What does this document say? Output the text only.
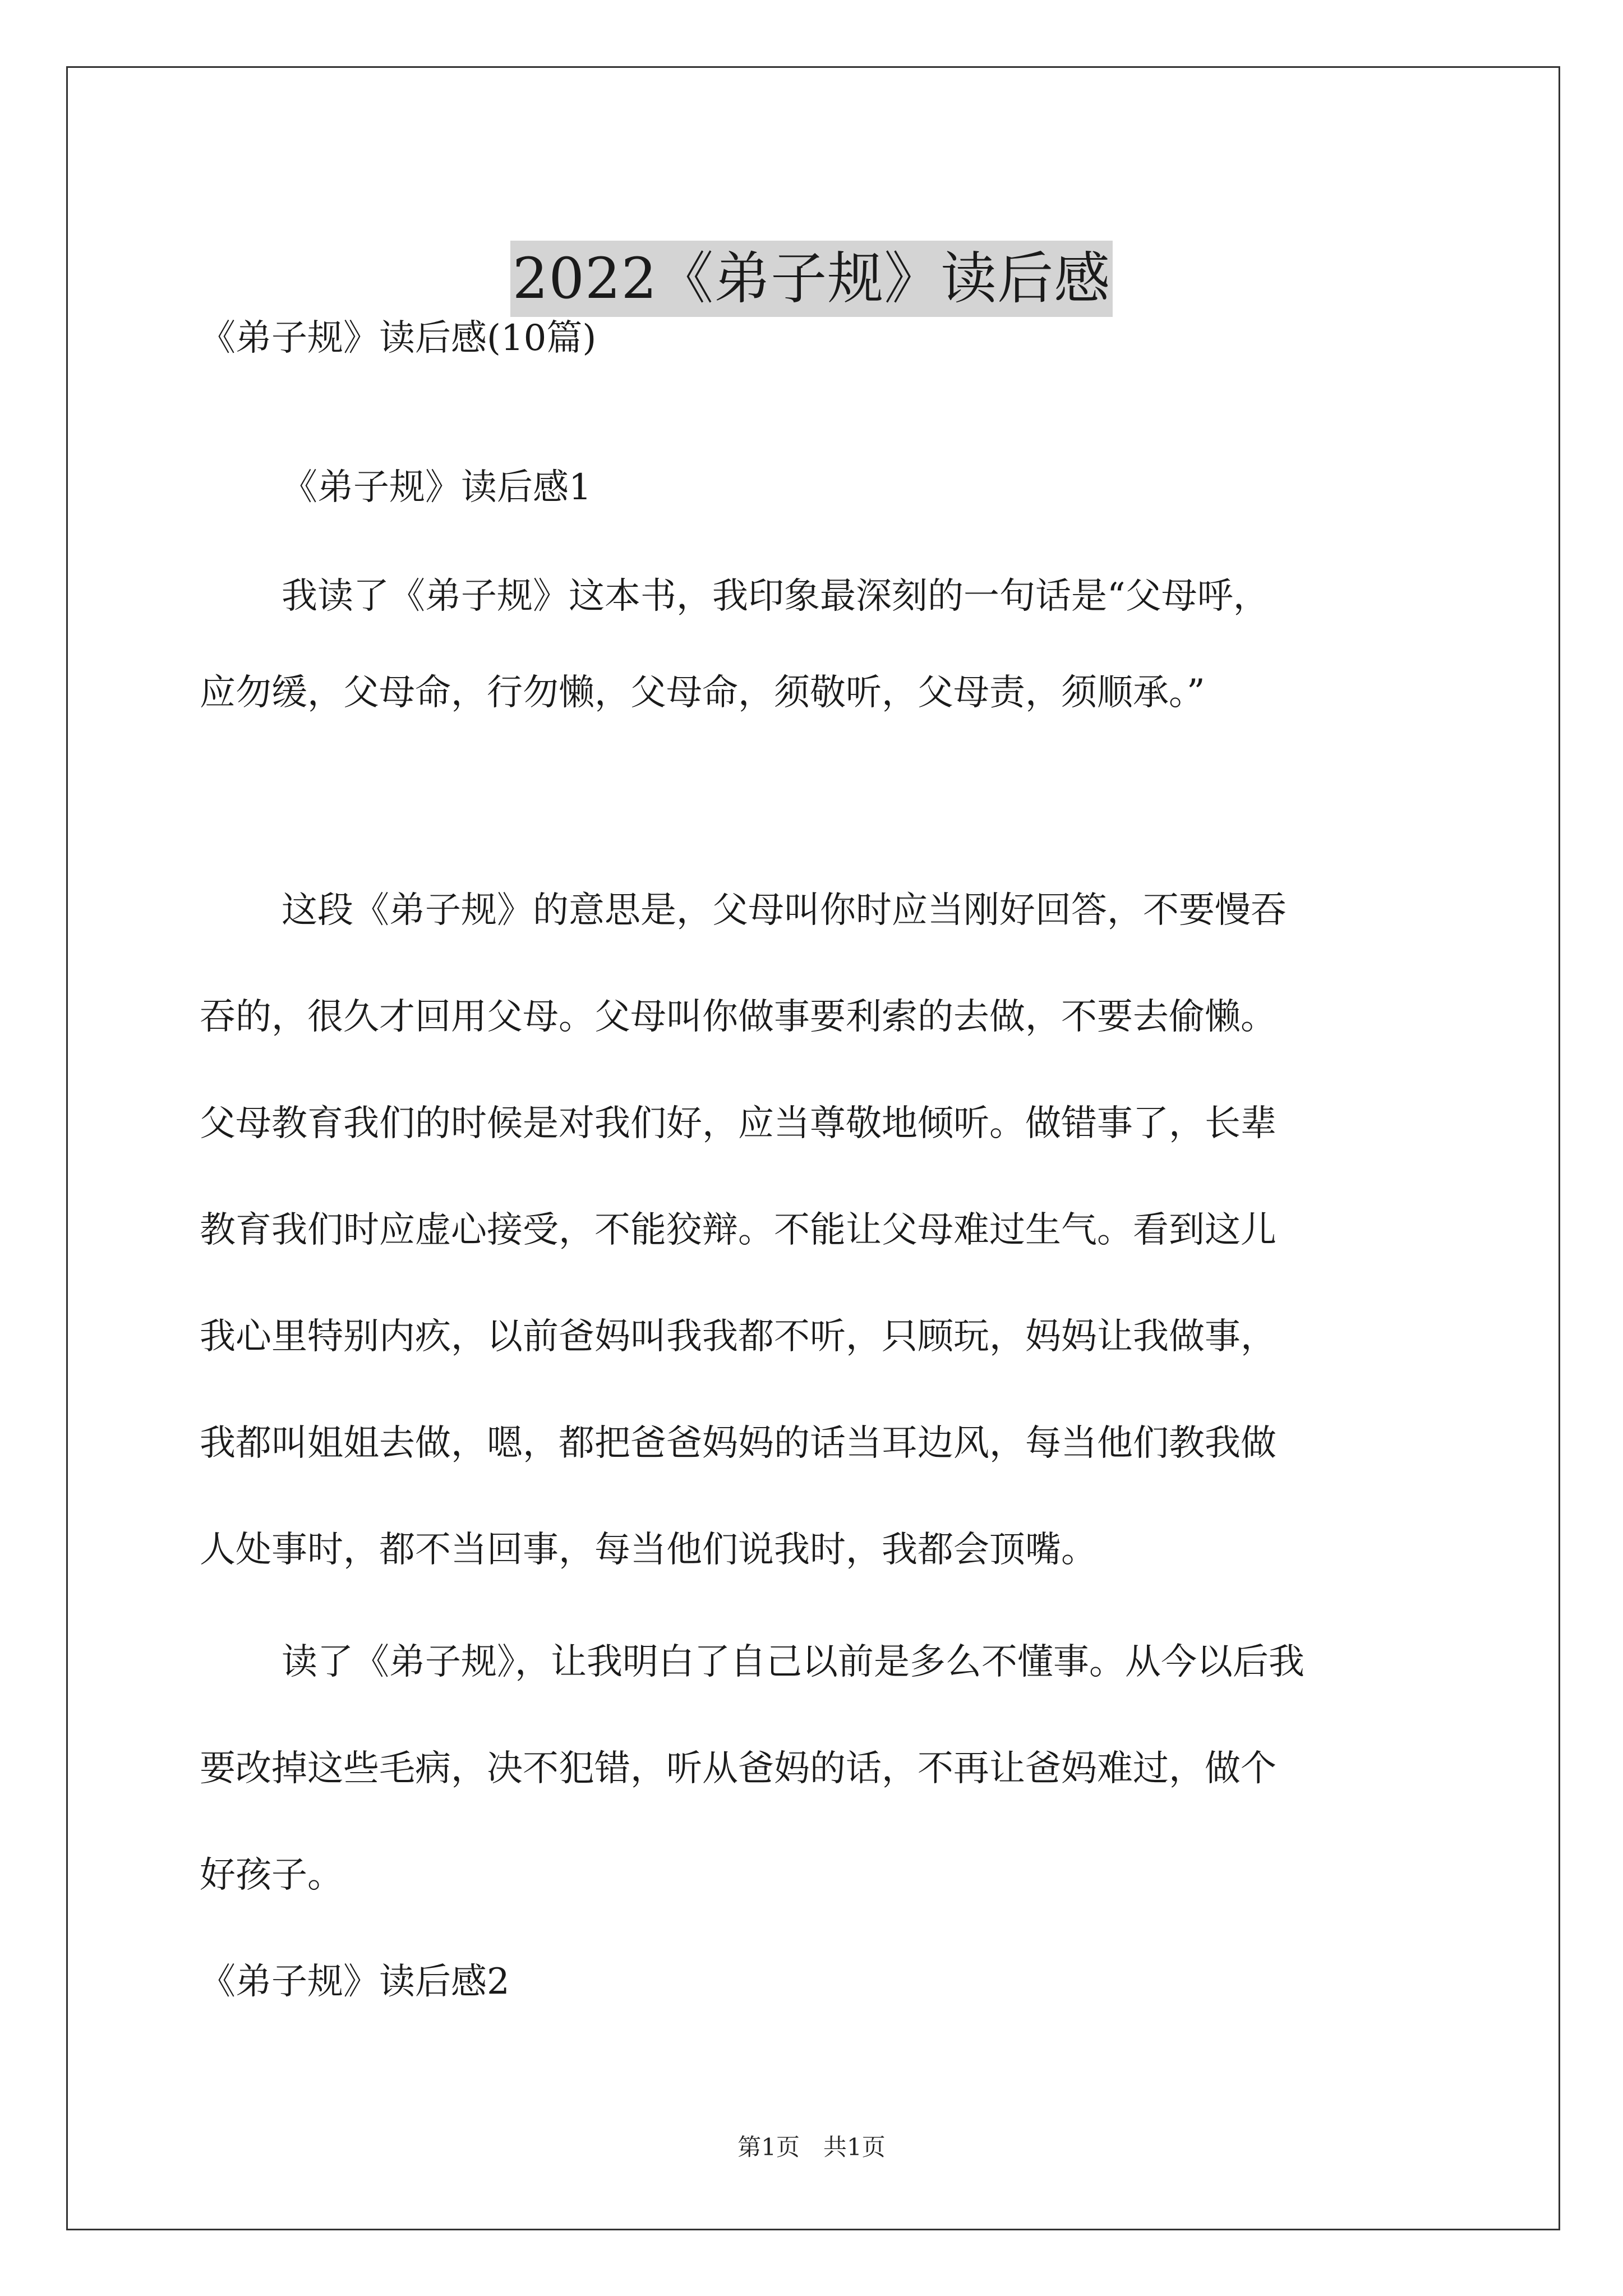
2022《弟子规》读后感
《弟子规》读后感(10篇)
《弟子规》读后感1
我读了《弟子规》这本书，我印象最深刻的一句话是“父母呼，
应勿缓，父母命，行勿懒，父母命，须敬听，父母责，须顺承。”
这段《弟子规》的意思是，父母叫你时应当刚好回答，不要慢吞
吞的，很久才回用父母。父母叫你做事要利索的去做，不要去偷懒。
父母教育我们的时候是对我们好，应当尊敬地倾听。做错事了，长辈
教育我们时应虚心接受，不能狡辩。不能让父母难过生气。看到这儿
我心里特别内疚，以前爸妈叫我我都不听，只顾玩，妈妈让我做事，
我都叫姐姐去做，嗯，都把爸爸妈妈的话当耳边风，每当他们教我做
人处事时，都不当回事，每当他们说我时，我都会顶嘴。
读了《弟子规》，让我明白了自己以前是多么不懂事。从今以后我
要改掉这些毛病，决不犯错，听从爸妈的话，不再让爸妈难过，做个
好孩子。
《弟子规》读后感2
第1页　共1页
